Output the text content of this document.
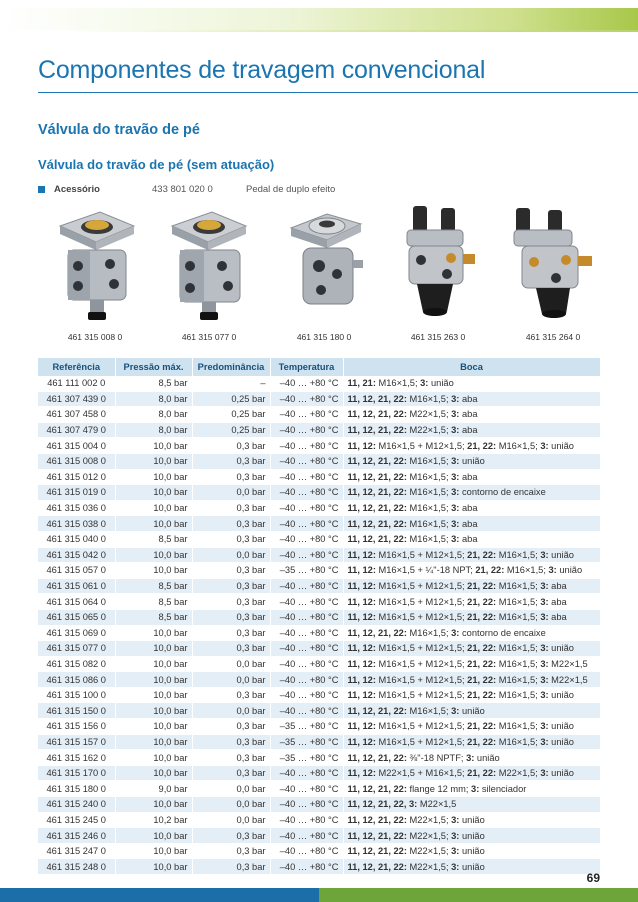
Componentes de travagem convencional
Válvula do travão de pé
Válvula do travão de pé (sem atuação)
Acessório	433 801 020 0	Pedal de duplo efeito
461 315 008 0	461 315 077 0	461 315 180 0	461 315 263 0	461 315 264 0
Referência	Pressão máx.	Predominância	Temperatura	Boca
461 111 002 0	8,5 bar	–	–40 … +80 °C	11, 21: M16×1,5; 3: união
461 307 439 0	8,0 bar	0,25 bar	–40 … +80 °C	11, 12, 21, 22: M16×1,5; 3: aba
461 307 458 0	8,0 bar	0,25 bar	–40 … +80 °C	11, 12, 21, 22: M22×1,5; 3: aba
461 307 479 0	8,0 bar	0,25 bar	–40 … +80 °C	11, 12, 21, 22: M22×1,5; 3: aba
461 315 004 0	10,0 bar	0,3 bar	–40 … +80 °C	11, 12: M16×1,5 + M12×1,5; 21, 22: M16×1,5; 3: união
461 315 008 0	10,0 bar	0,3 bar	–40 … +80 °C	11, 12, 21, 22: M16×1,5; 3: união
461 315 012 0	10,0 bar	0,3 bar	–40 … +80 °C	11, 12, 21, 22: M16×1,5; 3: aba
461 315 019 0	10,0 bar	0,0 bar	–40 … +80 °C	11, 12, 21, 22: M16×1,5; 3: contorno de encaixe
461 315 036 0	10,0 bar	0,3 bar	–40 … +80 °C	11, 12, 21, 22: M16×1,5; 3: aba
461 315 038 0	10,0 bar	0,3 bar	–40 … +80 °C	11, 12, 21, 22: M16×1,5; 3: aba
461 315 040 0	8,5 bar	0,3 bar	–40 … +80 °C	11, 12, 21, 22: M16×1,5; 3: aba
461 315 042 0	10,0 bar	0,0 bar	–40 … +80 °C	11, 12: M16×1,5 + M12×1,5; 21, 22: M16×1,5; 3: união
461 315 057 0	10,0 bar	0,3 bar	–35 … +80 °C	11, 12: M16×1,5 + ¼"-18 NPT; 21, 22: M16×1,5; 3: união
461 315 061 0	8,5 bar	0,3 bar	–40 … +80 °C	11, 12: M16×1,5 + M12×1,5; 21, 22: M16×1,5; 3: aba
461 315 064 0	8,5 bar	0,3 bar	–40 … +80 °C	11, 12: M16×1,5 + M12×1,5; 21, 22: M16×1,5; 3: aba
461 315 065 0	8,5 bar	0,3 bar	–40 … +80 °C	11, 12: M16×1,5 + M12×1,5; 21, 22: M16×1,5; 3: aba
461 315 069 0	10,0 bar	0,3 bar	–40 … +80 °C	11, 12, 21, 22: M16×1,5; 3: contorno de encaixe
461 315 077 0	10,0 bar	0,3 bar	–40 … +80 °C	11, 12: M16×1,5 + M12×1,5; 21, 22: M16×1,5; 3: união
461 315 082 0	10,0 bar	0,0 bar	–40 … +80 °C	11, 12: M16×1,5 + M12×1,5; 21, 22: M16×1,5; 3: M22×1,5
461 315 086 0	10,0 bar	0,0 bar	–40 … +80 °C	11, 12: M16×1,5 + M12×1,5; 21, 22: M16×1,5; 3: M22×1,5
461 315 100 0	10,0 bar	0,3 bar	–40 … +80 °C	11, 12: M16×1,5 + M12×1,5; 21, 22: M16×1,5; 3: união
461 315 150 0	10,0 bar	0,0 bar	–40 … +80 °C	11, 12, 21, 22: M16×1,5; 3: união
461 315 156 0	10,0 bar	0,3 bar	–35 … +80 °C	11, 12: M16×1,5 + M12×1,5; 21, 22: M16×1,5; 3: união
461 315 157 0	10,0 bar	0,3 bar	–35 … +80 °C	11, 12: M16×1,5 + M12×1,5; 21, 22: M16×1,5; 3: união
461 315 162 0	10,0 bar	0,3 bar	–35 … +80 °C	11, 12, 21, 22: ⅜"-18 NPTF; 3: união
461 315 170 0	10,0 bar	0,3 bar	–40 … +80 °C	11, 12: M22×1,5 + M16×1,5; 21, 22: M22×1,5; 3: união
461 315 180 0	9,0 bar	0,0 bar	–40 … +80 °C	11, 12, 21, 22: flange 12 mm; 3: silenciador
461 315 240 0	10,0 bar	0,0 bar	–40 … +80 °C	11, 12, 21, 22, 3: M22×1,5
461 315 245 0	10,2 bar	0,0 bar	–40 … +80 °C	11, 12, 21, 22: M22×1,5; 3: união
461 315 246 0	10,0 bar	0,3 bar	–40 … +80 °C	11, 12, 21, 22: M22×1,5; 3: união
461 315 247 0	10,0 bar	0,3 bar	–40 … +80 °C	11, 12, 21, 22: M22×1,5; 3: união
461 315 248 0	10,0 bar	0,3 bar	–40 … +80 °C	11, 12, 21, 22: M22×1,5; 3: união
69
